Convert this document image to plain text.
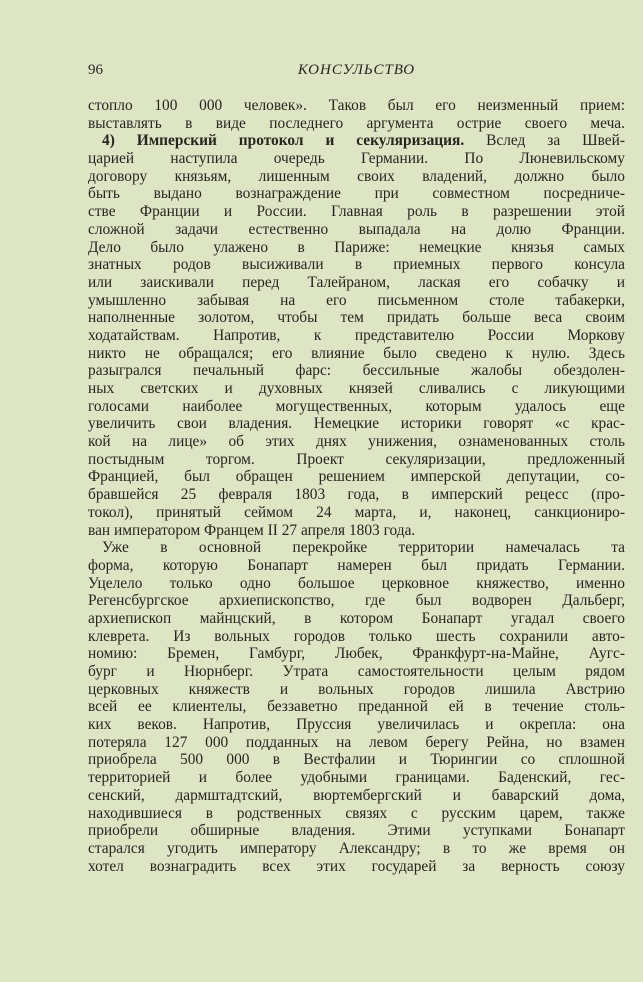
96	КОНСУЛЬСТВО
стопло 100 000 человек». Таков был его неизменный прием:
выставлять в виде последнего аргумента острие своего меча.
4) Имперский протокол и секуляризация. Вслед за Швей-
царией наступила очередь Германии. По Люневильскому
договору князьям, лишенным своих владений, должно было
быть выдано вознаграждение при совместном посредниче-
стве Франции и России. Главная роль в разрешении этой
сложной задачи естественно выпадала на долю Франции.
Дело было улажено в Париже: немецкие князья самых
знатных родов высиживали в приемных первого консула
или заискивали перед Талейраном, лаская его собачку и
умышленно забывая на его письменном столе табакерки,
наполненные золотом, чтобы тем придать больше веса своим
ходатайствам. Напротив, к представителю России Моркову
никто не обращался; его влияние было сведено к нулю. Здесь
разыгрался печальный фарс: бессильные жалобы обездолен-
ных светских и духовных князей сливались с ликующими
голосами наиболее могущественных, которым удалось еще
увеличить свои владения. Немецкие историки говорят «с крас-
кой на лице» об этих днях унижения, ознаменованных столь
постыдным торгом. Проект секуляризации, предложенный
Францией, был обращен решением имперской депутации, со-
бравшейся 25 февраля 1803 года, в имперский рецесс (про-
токол), принятый сеймом 24 марта, и, наконец, санкциониро-
ван императором Францем II 27 апреля 1803 года.
Уже в основной перекройке территории намечалась та
форма, которую Бонапарт намерен был придать Германии.
Уцелело только одно большое церковное княжество, именно
Регенсбургское архиепископство, где был водворен Дальберг,
архиепископ майнцский, в котором Бонапарт угадал своего
клеврета. Из вольных городов только шесть сохранили авто-
номию: Бремен, Гамбург, Любек, Франкфурт-на-Майне, Аугс-
бург и Нюрнберг. Утрата самостоятельности целым рядом
церковных княжеств и вольных городов лишила Австрию
всей ее клиентелы, беззаветно преданной ей в течение столь-
ких веков. Напротив, Пруссия увеличилась и окрепла: она
потеряла 127 000 подданных на левом берегу Рейна, но взамен
приобрела 500 000 в Вестфалии и Тюрингии со сплошной
территорией и более удобными границами. Баденский, гес-
сенский, дармштадтский, вюртембергский и баварский дома,
находившиеся в родственных связях с русским царем, также
приобрели обширные владения. Этими уступками Бонапарт
старался угодить императору Александру; в то же время он
хотел вознаградить всех этих государей за верность союзу
